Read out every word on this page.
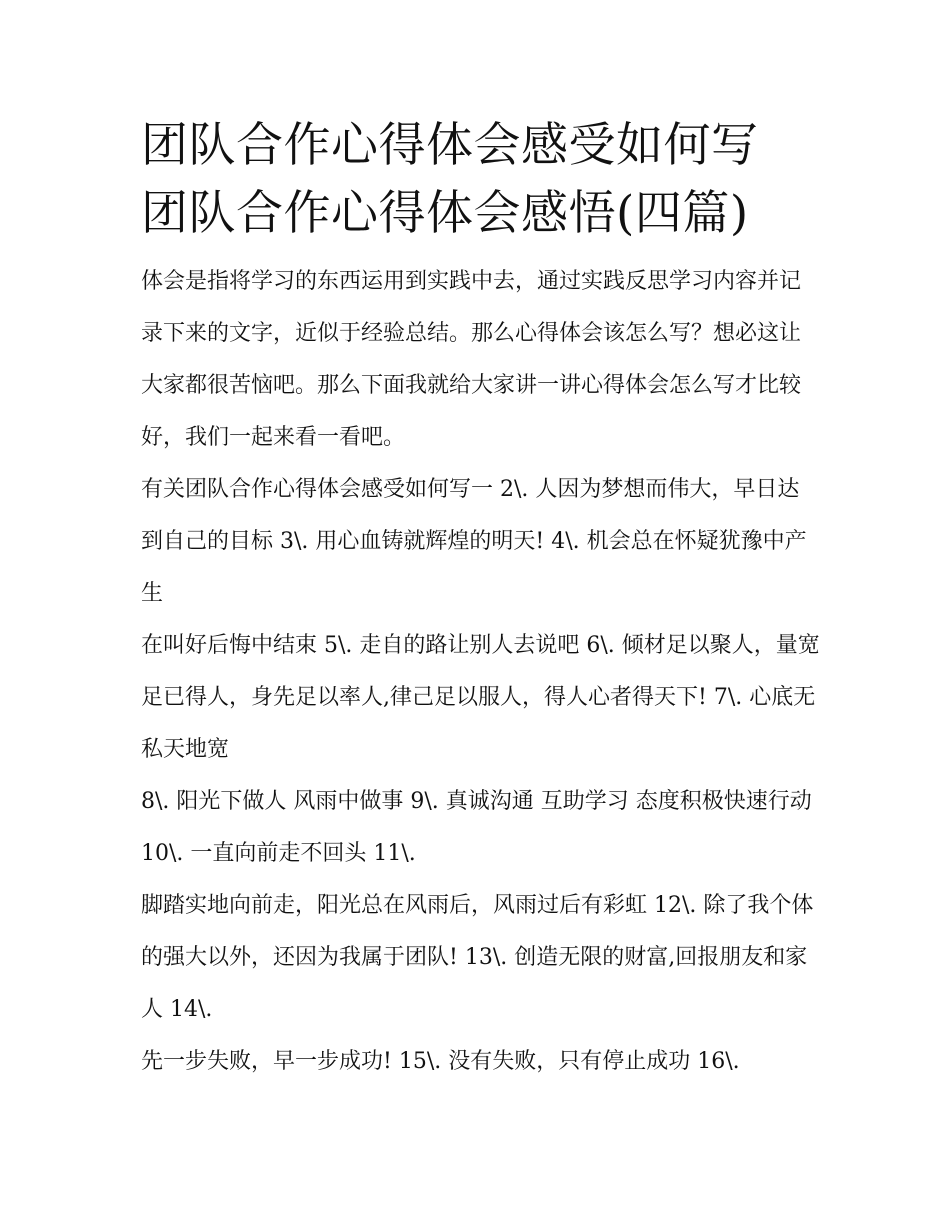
团队合作心得体会感受如何写
团队合作心得体会感悟(四篇)

体会是指将学习的东西运用到实践中去，通过实践反思学习内容并记录下来的文字，近似于经验总结。那么心得体会该怎么写？想必这让大家都很苦恼吧。那么下面我就给大家讲一讲心得体会怎么写才比较好，我们一起来看一看吧。

有关团队合作心得体会感受如何写一 2\. 人因为梦想而伟大，早日达到自己的目标 3\. 用心血铸就辉煌的明天! 4\. 机会总在怀疑犹豫中产生

在叫好后悔中结束 5\. 走自的路让别人去说吧 6\. 倾材足以聚人，量宽足已得人，身先足以率人,律己足以服人，得人心者得天下! 7\. 心底无私天地宽

8\. 阳光下做人 风雨中做事 9\. 真诚沟通 互助学习 态度积极快速行动 10\. 一直向前走不回头 11\.

脚踏实地向前走，阳光总在风雨后，风雨过后有彩虹 12\. 除了我个体的强大以外，还因为我属于团队! 13\. 创造无限的财富,回报朋友和家人 14\.

先一步失败，早一步成功! 15\. 没有失败，只有停止成功 16\.
